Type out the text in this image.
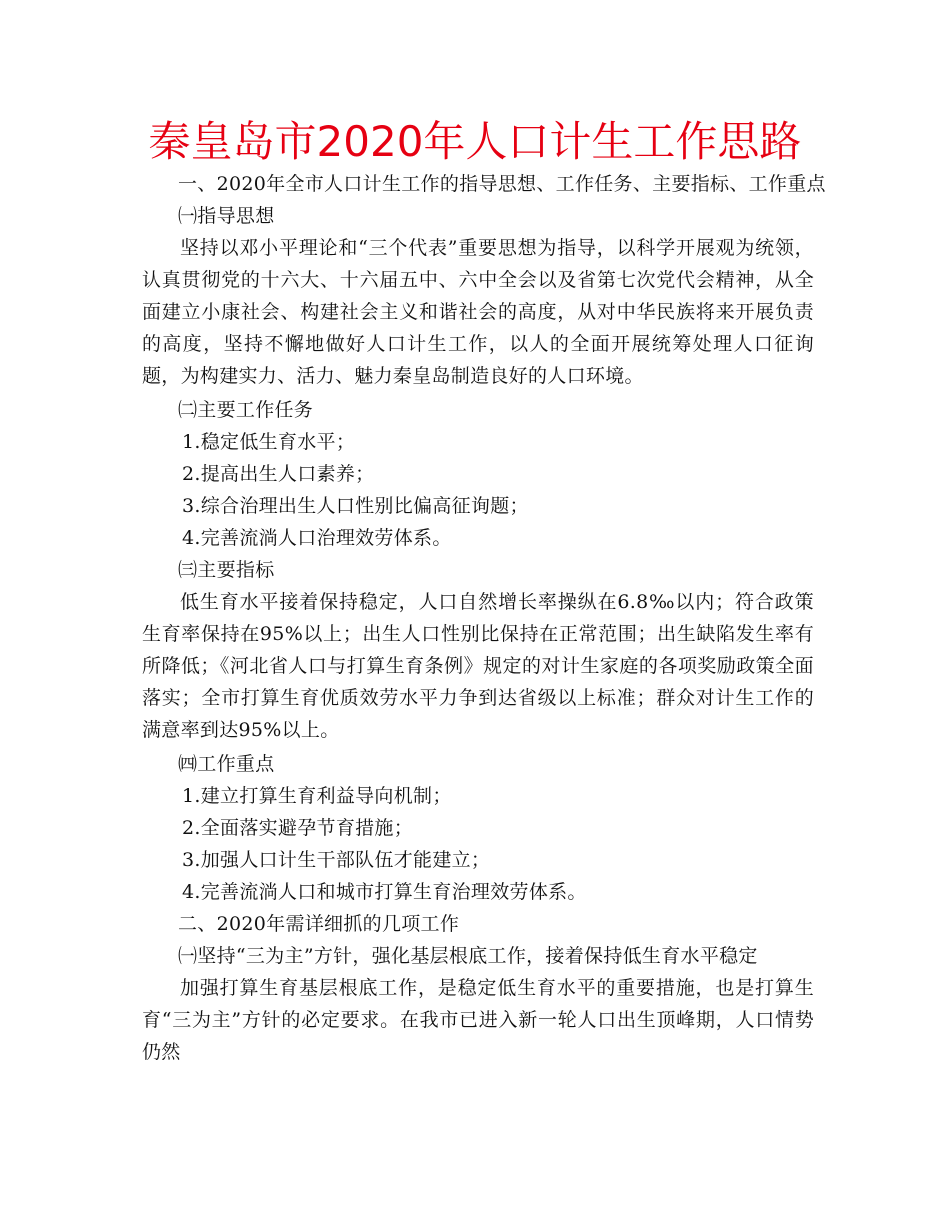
秦皇岛市2020年人口计生工作思路
一、2020年全市人口计生工作的指导思想、工作任务、主要指标、工作重点
㈠指导思想

坚持以邓小平理论和“三个代表”重要思想为指导，以科学开展观为统领，认真贯彻党的十六大、十六届五中、六中全会以及省第七次党代会精神，从全面建立小康社会、构建社会主义和谐社会的高度，从对中华民族将来开展负责的高度，坚持不懈地做好人口计生工作，以人的全面开展统筹处理人口征询题，为构建实力、活力、魅力秦皇岛制造良好的人口环境。

㈡主要工作任务
1.稳定低生育水平；
2.提高出生人口素养；
3.综合治理出生人口性别比偏高征询题；
4.完善流淌人口治理效劳体系。
㈢主要指标

低生育水平接着保持稳定，人口自然增长率操纵在6.8‰以内；符合政策生育率保持在95%以上；出生人口性别比保持在正常范围；出生缺陷发生率有所降低；《河北省人口与打算生育条例》规定的对计生家庭的各项奖励政策全面落实；全市打算生育优质效劳水平力争到达省级以上标准；群众对计生工作的满意率到达95%以上。

㈣工作重点
1.建立打算生育利益导向机制；
2.全面落实避孕节育措施；
3.加强人口计生干部队伍才能建立；
4.完善流淌人口和城市打算生育治理效劳体系。
二、2020年需详细抓的几项工作
㈠坚持“三为主”方针，强化基层根底工作，接着保持低生育水平稳定

加强打算生育基层根底工作，是稳定低生育水平的重要措施，也是打算生育“三为主”方针的必定要求。在我市已进入新一轮人口出生顶峰期，人口情势仍然
